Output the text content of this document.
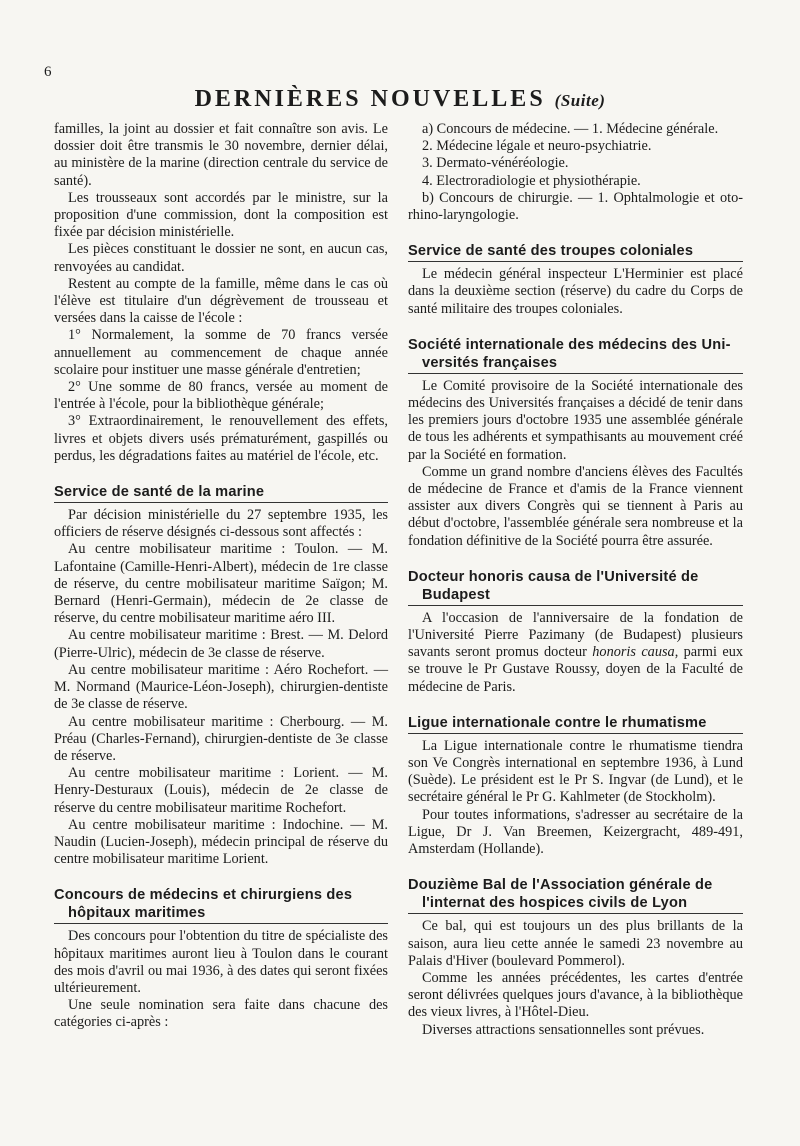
6
DERNIÈRES NOUVELLES (Suite)

familles, la joint au dossier et fait connaître son avis. Le dossier doit être transmis le 30 novembre, dernier délai, au ministère de la marine (direction centrale du service de santé).

Les trousseaux sont accordés par le ministre, sur la proposition d'une commission, dont la composition est fixée par décision ministérielle.

Les pièces constituant le dossier ne sont, en aucun cas, renvoyées au candidat.

Restent au compte de la famille, même dans le cas où l'élève est titulaire d'un dégrèvement de trousseau et versées dans la caisse de l'école :

1° Normalement, la somme de 70 francs versée annuellement au commencement de chaque année scolaire pour instituer une masse générale d'entretien;

2° Une somme de 80 francs, versée au moment de l'entrée à l'école, pour la bibliothèque générale;

3° Extraordinairement, le renouvellement des effets, livres et objets divers usés prématurément, gaspillés ou perdus, les dégradations faites au matériel de l'école, etc.

Service de santé de la marine

Par décision ministérielle du 27 septembre 1935, les officiers de réserve désignés ci-dessous sont affectés :

Au centre mobilisateur maritime : Toulon. — M. Lafontaine (Camille-Henri-Albert), médecin de 1re classe de réserve, du centre mobilisateur maritime Saïgon; M. Bernard (Henri-Germain), médecin de 2e classe de réserve, du centre mobilisateur maritime aéro III.

Au centre mobilisateur maritime : Brest. — M. Delord (Pierre-Ulric), médecin de 3e classe de réserve.

Au centre mobilisateur maritime : Aéro Rochefort. — M. Normand (Maurice-Léon-Joseph), chirurgien-dentiste de 3e classe de réserve.

Au centre mobilisateur maritime : Cherbourg. — M. Préau (Charles-Fernand), chirurgien-dentiste de 3e classe de réserve.

Au centre mobilisateur maritime : Lorient. — M. Henry-Desturaux (Louis), médecin de 2e classe de réserve du centre mobilisateur maritime Rochefort.

Au centre mobilisateur maritime : Indochine. — M. Naudin (Lucien-Joseph), médecin principal de réserve du centre mobilisateur maritime Lorient.

Concours de médecins et chirurgiens des
hôpitaux maritimes

Des concours pour l'obtention du titre de spécialiste des hôpitaux maritimes auront lieu à Toulon dans le courant des mois d'avril ou mai 1936, à des dates qui seront fixées ultérieurement.

Une seule nomination sera faite dans chacune des catégories ci-après :

a) Concours de médecine. — 1. Médecine générale.

2. Médecine légale et neuro-psychiatrie.

3. Dermato-vénéréologie.

4. Electroradiologie et physiothérapie.

b) Concours de chirurgie. — 1. Ophtalmologie et oto-rhino-laryngologie.

Service de santé des troupes coloniales

Le médecin général inspecteur L'Herminier est placé dans la deuxième section (réserve) du cadre du Corps de santé militaire des troupes coloniales.

Société internationale des médecins des Uni-
versités françaises

Le Comité provisoire de la Société internationale des médecins des Universités françaises a décidé de tenir dans les premiers jours d'octobre 1935 une assemblée générale de tous les adhérents et sympathisants au mouvement créé par la Société en formation.

Comme un grand nombre d'anciens élèves des Facultés de médecine de France et d'amis de la France viennent assister aux divers Congrès qui se tiennent à Paris au début d'octobre, l'assemblée générale sera nombreuse et la fondation définitive de la Société pourra être assurée.

Docteur honoris causa de l'Université de
Budapest

A l'occasion de l'anniversaire de la fondation de l'Université Pierre Pazimany (de Budapest) plusieurs savants seront promus docteur honoris causa, parmi eux se trouve le Pr Gustave Roussy, doyen de la Faculté de médecine de Paris.

Ligue internationale contre le rhumatisme

La Ligue internationale contre le rhumatisme tiendra son Ve Congrès international en septembre 1936, à Lund (Suède). Le président est le Pr S. Ingvar (de Lund), et le secrétaire général le Pr G. Kahlmeter (de Stockholm).

Pour toutes informations, s'adresser au secrétaire de la Ligue, Dr J. Van Breemen, Keizergracht, 489-491, Amsterdam (Hollande).

Douzième Bal de l'Association générale de
l'internat des hospices civils de Lyon

Ce bal, qui est toujours un des plus brillants de la saison, aura lieu cette année le samedi 23 novembre au Palais d'Hiver (boulevard Pommerol).

Comme les années précédentes, les cartes d'entrée seront délivrées quelques jours d'avance, à la bibliothèque des vieux livres, à l'Hôtel-Dieu.

Diverses attractions sensationnelles sont prévues.
